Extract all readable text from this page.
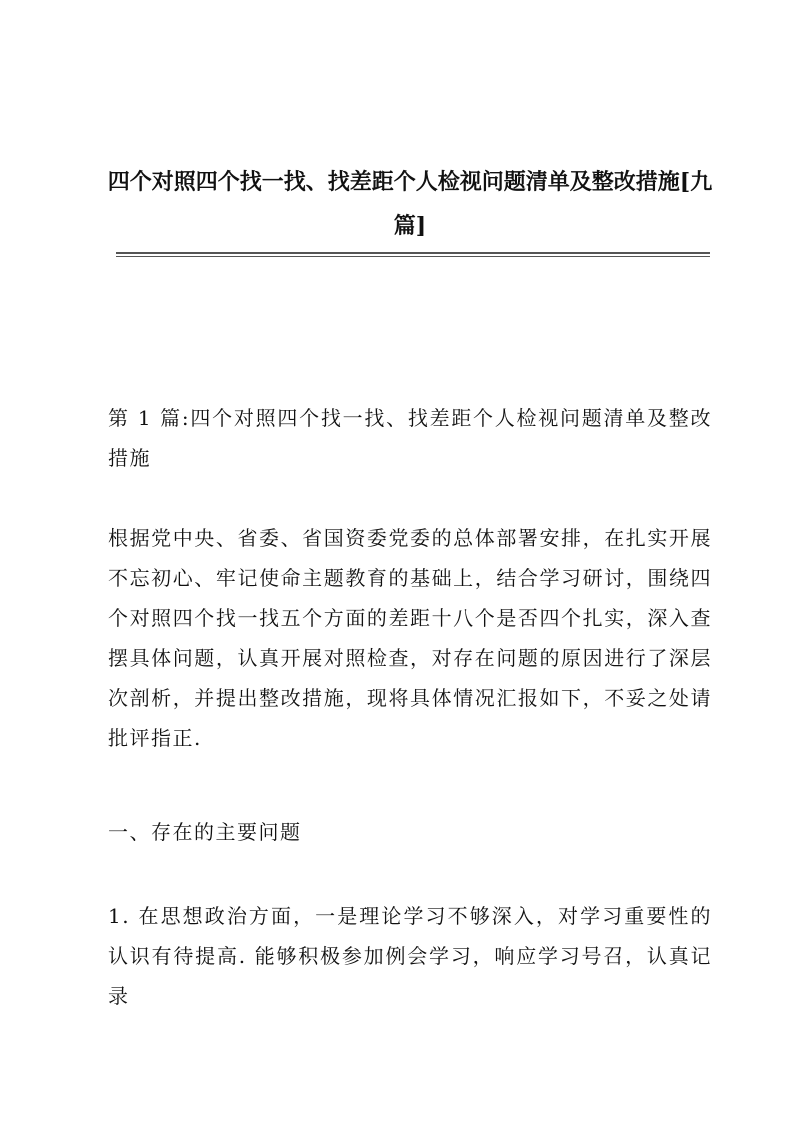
四个对照四个找一找、找差距个人检视问题清单及整改措施[九篇]

第 1 篇:四个对照四个找一找、找差距个人检视问题清单及整改措施

根据党中央、省委、省国资委党委的总体部署安排，在扎实开展不忘初心、牢记使命主题教育的基础上，结合学习研讨，围绕四个对照四个找一找五个方面的差距十八个是否四个扎实，深入查摆具体问题，认真开展对照检查，对存在问题的原因进行了深层次剖析，并提出整改措施，现将具体情况汇报如下，不妥之处请批评指正.

一、存在的主要问题

1. 在思想政治方面，一是理论学习不够深入，对学习重要性的认识有待提高. 能够积极参加例会学习，响应学习号召，认真记录
